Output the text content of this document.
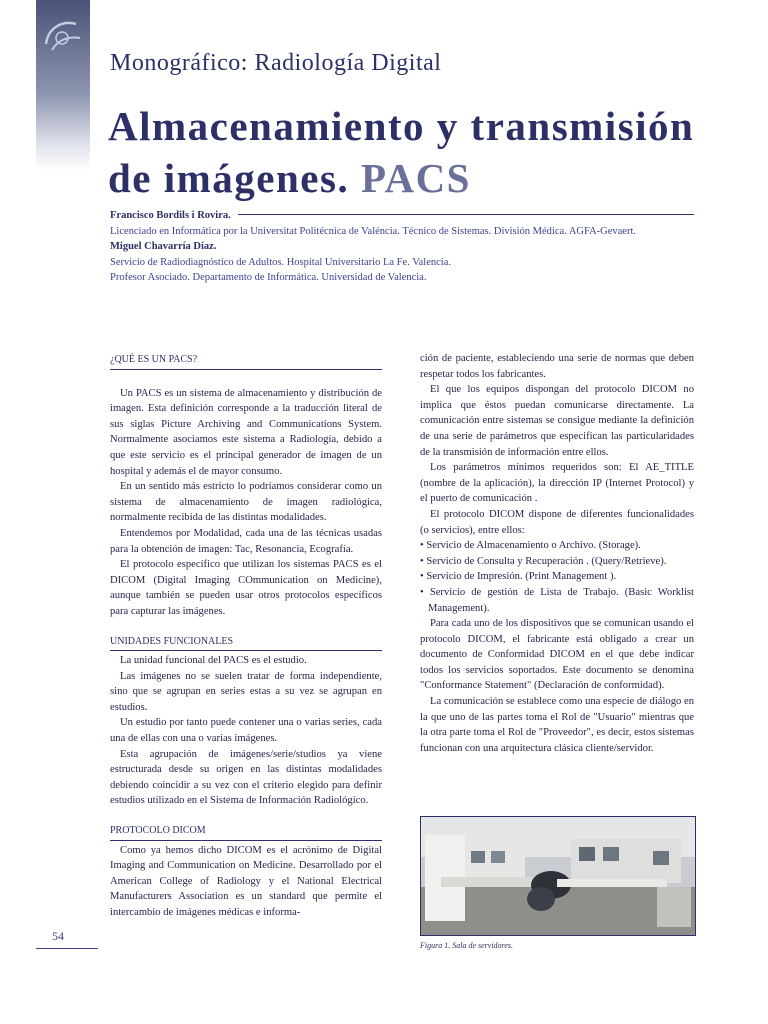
Monográfico: Radiología Digital
Almacenamiento y transmisión
de imágenes. PACS
Francisco Bordils i Rovira.
Licenciado en Informática por la Universitat Politécnica de Valéncia. Técnico de Sistemas. División Médica. AGFA-Gevaert.
Miguel Chavarría Díaz.
Servicio de Radiodiagnóstico de Adultos. Hospital Universitario La Fe. Valencia.
Profesor Asociado. Departamento de Informática. Universidad de Valencia.
¿QUÉ ES UN PACS?

Un PACS es un sistema de almacenamiento y distribución de imagen. Esta definición corresponde a la traducción literal de sus siglas Picture Archiving and Communications System. Normalmente asociamos este sistema a Radiología, debido a que este servicio es el principal generador de imagen de un hospital y además el de mayor consumo.

En un sentido más estricto lo podríamos considerar como un sistema de almacenamiento de imagen radiológica, normalmente recibida de las distintas modalidades.

Entendemos por Modalidad, cada una de las técnicas usadas para la obtención de imagen: Tac, Resonancia, Ecografía.

El protocolo específico que utilizan los sistemas PACS es el DICOM (Digital Imaging COmmunication on Medicine), aunque también se pueden usar otros protocolos específicos para capturar las imágenes.

UNIDADES FUNCIONALES

La unidad funcional del PACS es el estudio.

Las imágenes no se suelen tratar de forma independiente, sino que se agrupan en series estas a su vez se agrupan en estudios.

Un estudio por tanto puede contener una o varias series, cada una de ellas con una o varias imágenes.

Esta agrupación de imágenes/serie/studios ya viene estructurada desde su origen en las distintas modalidades debiendo coincidir a su vez con el criterio elegido para definir estudios utilizado en el Sistema de Información Radiológico.

PROTOCOLO DICOM

Como ya hemos dicho DICOM es el acrónimo de Digital Imaging and Communication on Medicine. Desarrollado por el American College of Radiology y el National Electrical Manufacturers Association es un standard que permite el intercambio de imágenes médicas e informa-

ción de paciente, estableciendo una serie de normas que deben respetar todos los fabricantes.

El que los equipos dispongan del protocolo DICOM no implica que éstos puedan comunicarse directamente. La comunicación entre sistemas se consigue mediante la definición de una serie de parámetros que especifican las particularidades de la transmisión de información entre ellos.

Los parámetros mínimos requeridos son: El AE_TITLE (nombre de la aplicación), la dirección IP (Internet Protocol) y el puerto de comunicación .

El protocolo DICOM dispone de diferentes funcionalidades (o servicios), entre ellos:

• Servicio de Almacenamiento o Archivo. (Storage).
• Servicio de Consulta y Recuperación . (Query/Retrieve).
• Servicio de Impresión. (Print Management ).
• Servicio de gestión de Lista de Trabajo. (Basic Worklist Management).

Para cada uno de los dispositivos que se comunican usando el protocolo DICOM, el fabricante está obligado a crear un documento de Conformidad DICOM en el que debe indicar todos los servicios soportados. Este documento se denomina "Conformance Statement" (Declaración de conformidad).

La comunicación se establece como una especie de diálogo en la que uno de las partes toma el Rol de "Usuario" mientras que la otra parte toma el Rol de "Proveedor", es decir, estos sistemas funcionan con una arquitectura clásica cliente/servidor.

Figura 1. Sala de servidores.
54
